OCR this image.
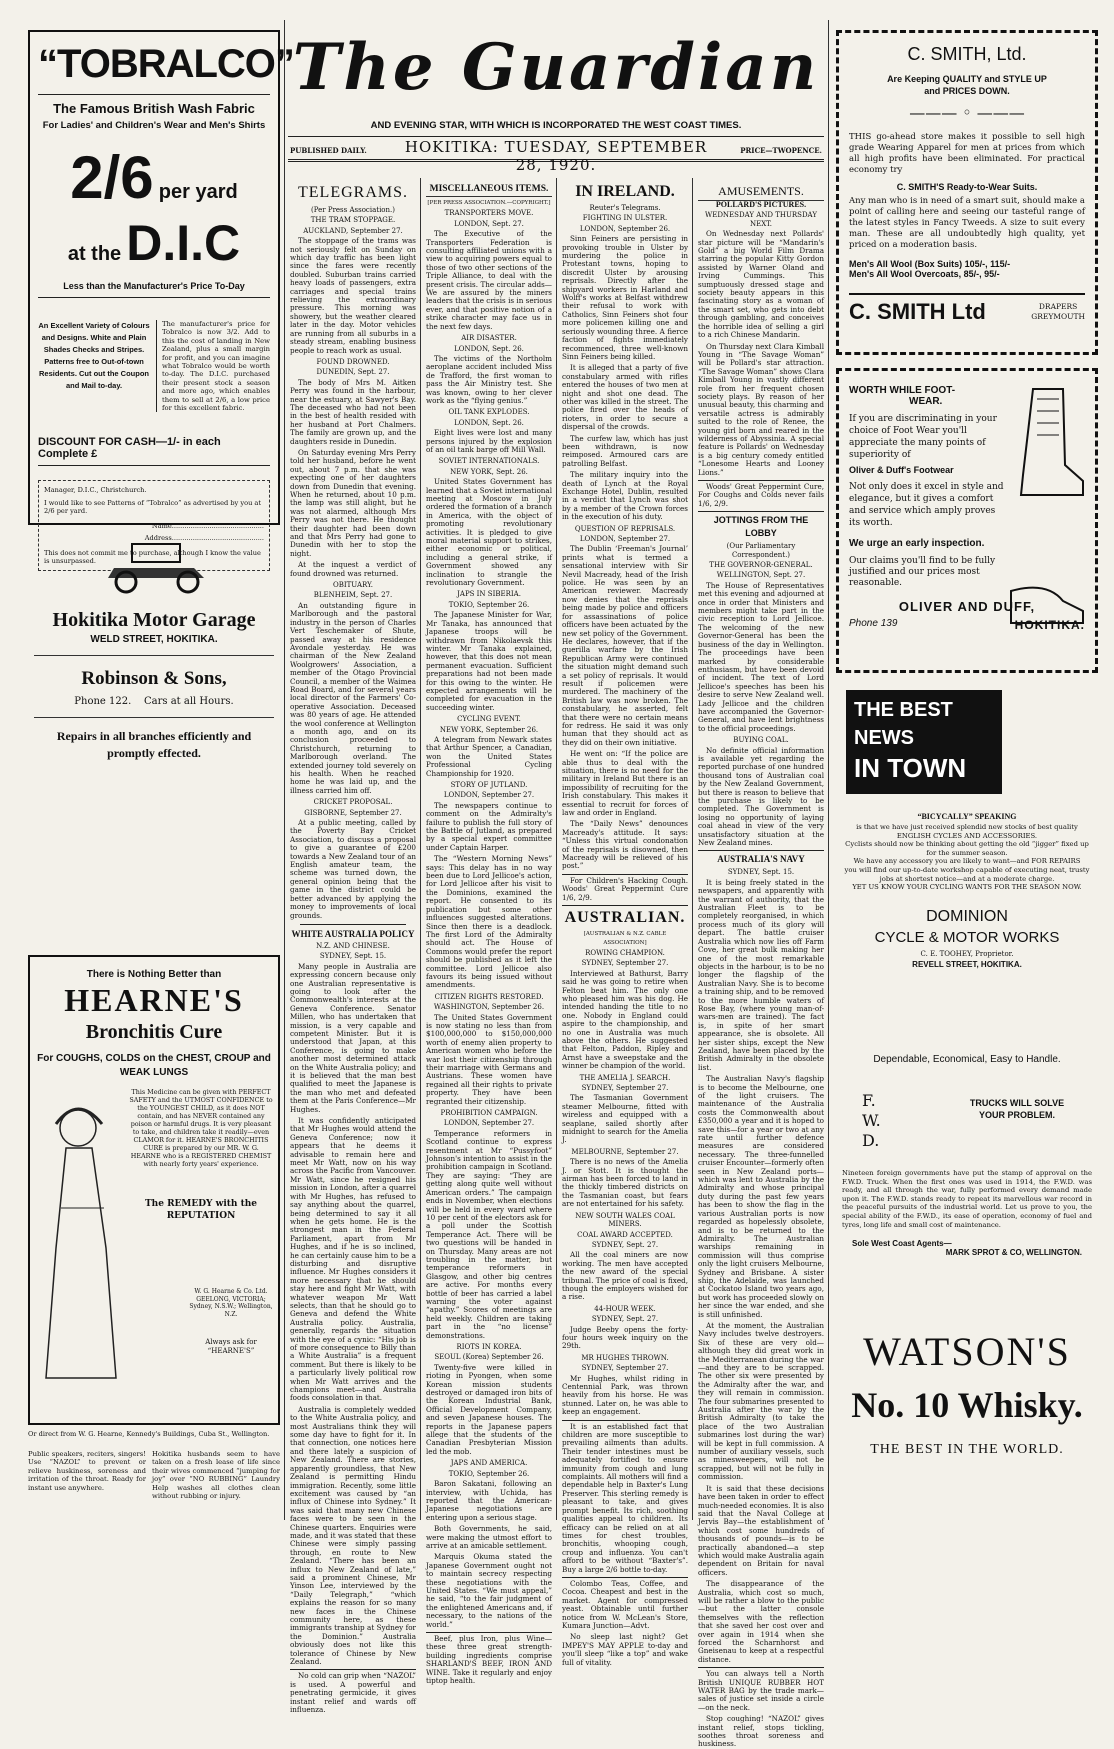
The Guardian
AND EVENING STAR, WITH WHICH IS INCORPORATED THE WEST COAST TIMES.
PUBLISHED DAILY.	HOKITIKA: TUESDAY, SEPTEMBER 28, 1920.
PRICE—TWOPENCE.
“TOBRALCO”
The Famous British Wash Fabric
For Ladies' and Children's Wear and Men's Shirts
2/6 per yard
at the D.I.C
Less than the Manufacturer's Price To-Day
An Excellent Variety of Colours and Designs. White and Plain Shades Checks and Stripes. Patterns free to Out-of-town Residents. Cut out the Coupon and Mail to-day.
The manufacturer's price for Tobralco is now 3/2. Add to this the cost of landing in New Zealand, plus a small margin for profit, and you can imagine what Tobralco would be worth to-day. The D.I.C. purchased their present stock a season and more ago, which enables them to sell at 2/6, a low price for this excellent fabric.
DISCOUNT FOR CASH—1/- in each Complete £
Manager, D.I.C., Christchurch.
I would like to see Patterns of “Tobralco” as advertised by you at 2/6 per yard.
Name............................................
Address............................................
This does not commit me to purchase, although I know the value is unsurpassed.
Hokitika Motor Garage
WELD STREET, HOKITIKA.
Robinson & Sons,
Phone 122. Cars at all Hours.
Repairs in all branches efficiently and promptly effected.
There is Nothing Better than
HEARNE'S
Bronchitis Cure
For COUGHS, COLDS on the CHEST, CROUP and WEAK LUNGS
This Medicine can be given with PERFECT SAFETY and the UTMOST CONFIDENCE to the YOUNGEST CHILD, as it does NOT contain, and has NEVER contained any poison or harmful drugs. It is very pleasant to take, and children take it readily—even CLAMOR for it. HEARNE'S BRONCHITIS CURE is prepared by our MR. W. G. HEARNE who is a REGISTERED CHEMIST with nearly forty years' experience.
The REMEDY with the REPUTATION
W. G. Hearne & Co. Ltd. GEELONG, VICTORIA; Sydney, N.S.W.; Wellington, N.Z.
Always ask for “HEARNE'S”
Or direct from W. G. Hearne, Kennedy's Buildings, Cuba St., Wellington.
Public speakers, reciters, singers! Use “NAZOL” to prevent or relieve huskiness, soreness and irritation of the throat. Ready for instant use anywhere.
Hokitika husbands seem to have taken on a fresh lease of life since their wives commenced “jumping for joy” over “NO RUBBING” Laundry Help washes all clothes clean without rubbing or injury.
TELEGRAMS.
(Per Press Association.)
THE TRAM STOPPAGE.
AUCKLAND, September 27.

The stoppage of the trams was not seriously felt on Sunday on which day traffic has been light since the fares were recently doubled. Suburban trains carried heavy loads of passengers, extra carriages and special trains relieving the extraordinary pressure. This morning was showery, but the weather cleared later in the day. Motor vehicles are running from all suburbs in a steady stream, enabling business people to reach work as usual.

FOUND DROWNED.
DUNEDIN, Sept. 27.

The body of Mrs M. Aitken Perry was found in the harbour, near the estuary, at Sawyer's Bay. The deceased who had not been in the best of health resided with her husband at Port Chalmers. The family are grown up, and the daughters reside in Dunedin.

On Saturday evening Mrs Perry told her husband, before he went out, about 7 p.m. that she was expecting one of her daughters down from Dunedin that evening. When he returned, about 10 p.m. the lamp was still alight, but he was not alarmed, although Mrs Perry was not there. He thought their daughter had been down and that Mrs Perry had gone to Dunedin with her to stop the night.

At the inquest a verdict of found drowned was returned.

OBITUARY.
BLENHEIM, Sept. 27.

An outstanding figure in Marlborough and the pastoral industry in the person of Charles Vert Teschemaker of Shute, passed away at his residence Avondale yesterday. He was chairman of the New Zealand Woolgrowers' Association, a member of the Otago Provincial Council, a member of the Waimea Road Board, and for several years local director of the Farmers' Co-operative Association. Deceased was 80 years of age. He attended the wool conference at Wellington a month ago, and on its conclusion proceeded to Christchurch, returning to Marlborough overland. The extended journey told severely on his health. When he reached home he was laid up, and the illness carried him off.

CRICKET PROPOSAL.
GISBORNE, September 27.

At a public meeting, called by the Poverty Bay Cricket Association, to discuss a proposal to give a guarantee of £200 towards a New Zealand tour of an English amateur team, the scheme was turned down, the general opinion being that the game in the district could be better advanced by applying the money to improvements of local grounds.

WHITE AUSTRALIA POLICY
N.Z. AND CHINESE.
SYDNEY, Sept. 15.

Many people in Australia are expressing concern because only one Australian representative is going to look after the Commonwealth's interests at the Geneva Conference. Senator Millen, who has undertaken that mission, is a very capable and competent Minister. But it is understood that Japan, at this Conference, is going to make another most determined attack on the White Australia policy; and it is believed that the man best qualified to meet the Japanese is the man who met and defeated them at the Paris Conference—Mr Hughes.

It was confidently anticipated that Mr Hughes would attend the Geneva Conference; now it appears that he deems it advisable to remain here and meet Mr Watt, now on his way across the Pacific from Vancouver. Mr Watt, since he resigned his mission in London, after a quarrel with Mr Hughes, has refused to say anything about the quarrel, being determined to say it all when he gets home. He is the strongest man in the Federal Parliament, apart from Mr Hughes, and if he is so inclined, he can certainly cause him to be a disturbing and disruptive influence. Mr Hughes considers it more necessary that he should stay here and fight Mr Watt, with whatever weapon Mr Watt selects, than that he should go to Geneva and defend the White Australia policy. Australia, generally, regards the situation with the eye of a cynic: “His job is of more consequence to Billy than a White Australia” is a frequent comment. But there is likely to be a particularly lively political row when Mr Watt arrives and the champions meet—and Australia foods consolation in that.

Australia is completely wedded to the White Australia policy, and most Australians think they will some day have to fight for it. In that connection, one notices here and there lately a suspicion of New Zealand. There are stories, apparently groundless, that New Zealand is permitting Hindu immigration. Recently, some little excitement was caused by “an influx of Chinese into Sydney.” It was said that many new Chinese faces were to be seen in the Chinese quarters. Enquiries were made, and it was stated that these Chinese were simply passing through, en route to New Zealand. “There has been an influx to New Zealand of late,” said a prominent Chinese, Mr Yinson Lee, interviewed by the “Daily Telegraph,” “which explains the reason for so many new faces in the Chinese community here, as these immigrants tranship at Sydney for the Dominion.” Australia obviously does not like this tolerance of Chinese by New Zealand.

No cold can grip when “NAZOL” is used. A powerful and penetrating germicide, it gives instant relief and wards off influenza.

MISCELLANEOUS ITEMS.
[PER PRESS ASSOCIATION.—COPYRIGHT.]
TRANSPORTERS MOVE.
LONDON, Sept. 27.

The Executive of the Transporters Federation is consulting affiliated unions with a view to acquiring powers equal to those of two other sections of the Triple Alliance, to deal with the present crisis. The circular adds—We are assured by the miners leaders that the crisis is in serious ever, and that positive notion of a strike character may face us in the next few days.

AIR DISASTER.
LONDON, Sept. 26.

The victims of the Northolm aeroplane accident included Miss de Trafford, the first woman to pass the Air Ministry test. She was known, owing to her clever work as the “flying genius.”

OIL TANK EXPLODES.
LONDON, Sept. 26.

Eight lives were lost and many persons injured by the explosion of an oil tank barge off Mill Wall.

SOVIET INTERNATIONALS.
NEW YORK, Sept. 26.

United States Government has learned that a Soviet international meeting at Moscow in July ordered the formation of a branch in America, with the object of promoting revolutionary activities. It is pledged to give moral material support to strikes, either economic or political, including a general strike, if Government showed any inclination to strangle the revolutionary Government.

JAPS IN SIBERIA.
TOKIO, September 26.

The Japanese Minister for War, Mr Tanaka, has announced that Japanese troops will be withdrawn from Nikolaevsk this winter. Mr Tanaka explained, however, that this does not mean permanent evacuation. Sufficient preparations had not been made for this owing to the winter. He expected arrangements will be completed for evacuation in the succeeding winter.

CYCLING EVENT.
NEW YORK, September 26.

A telegram from Newark states that Arthur Spencer, a Canadian, won the United States Professional Cycling Championship for 1920.

STORY OF JUTLAND.
LONDON, September 27.

The newspapers continue to comment on the Admiralty's failure to publish the full story of the Battle of Jutland, as prepared by a special expert committee under Captain Harper.

The “Western Morning News” says: This delay has in no way been due to Lord Jellicoe's action, for Lord Jellicoe after his visit to the Dominions, examined the report. He consented to its publication but some other influences suggested alterations. Since then there is a deadlock. The first Lord of the Admiralty should act. The House of Commons would prefer the report should be published as it left the committee. Lord Jellicoe also favours its being issued without amendments.

CITIZEN RIGHTS RESTORED.
WASHINGTON, September 26.

The United States Government is now stating no less than from $100,000,000 to $150,000,000 worth of enemy alien property to American women who before the war lost their citizenship through their marriage with Germans and Austrians. These women have regained all their rights to private property. They have been regranted their citizenship.

PROHIBITION CAMPAIGN.
LONDON, September 27.

Temperance reformers in Scotland continue to express resentment at Mr “Pussyfoot” Johnson's intention to assist in the prohibition campaign in Scotland. They are saying: “They are getting along quite well without American orders.” The campaign ends in November, when elections will be held in every ward where 10 per cent of the electors ask for a poll under the Scottish Temperance Act. There will be two questions will be handed in on Thursday. Many areas are not troubling in the matter, but temperance reformers in Glasgow, and other big centres are active. For months every bottle of beer has carried a label warning the voter against “apathy.” Scores of meetings are held weekly. Children are taking part in the “no license” demonstrations.

RIOTS IN KOREA.
SEOUL (Korea) September 26.

Twenty-five were killed in rioting in Pyongen, when some Korean mission students destroyed or damaged iron bits of the Korean Industrial Bank, Official Development Company, and seven Japanese houses. The reports in the Japanese papers allege that the students of the Canadian Presbyterian Mission led the mob.

JAPS AND AMERICA.
TOKIO, September 26.

Baron Sakatani, following an interview, with Uchida, has reported that the American-Japanese negotiations are entering upon a serious stage.

Both Governments, he said, were making the utmost effort to arrive at an amicable settlement.

Marquis Okuma stated the Japanese Government ought not to maintain secrecy respecting these negotiations with the United States. “We must appeal,” he said, “to the fair judgment of the enlightened Americans and, if necessary, to the nations of the world.”

Beef, plus Iron, plus Wine—these three great strength-building ingredients comprise SHARLAND'S BEEF, IRON AND WINE. Take it regularly and enjoy tiptop health.

IN IRELAND.
Reuter's Telegrams.
FIGHTING IN ULSTER.
LONDON, September 26.

Sinn Feiners are persisting in provoking trouble in Ulster by murdering the police in Protestant towns, hoping to discredit Ulster by arousing reprisals. Directly after the shipyard workers in Harland and Wolff's works at Belfast withdrew their refusal to work with Catholics, Sinn Feiners shot four more policemen killing one and seriously wounding three. A fierce faction of fights immediately recommenced, three well-known Sinn Feiners being killed.

It is alleged that a party of five constabulary armed with rifles entered the houses of two men at night and shot one dead. The other was killed in the street. The police fired over the heads of rioters, in order to secure a dispersal of the crowds.

The curfew law, which has just been withdrawn, is now reimposed. Armoured cars are patrolling Belfast.

The military inquiry into the death of Lynch at the Royal Exchange Hotel, Dublin, resulted in a verdict that Lynch was shot by a member of the Crown forces in the execution of his duty.

QUESTION OF REPRISALS.
LONDON, September 27.

The Dublin ‘Freeman's Journal’ prints what is termed a sensational interview with Sir Nevil Macready, head of the Irish police. He was seen by an American reviewer. Macready now denies that the reprisals being made by police and officers for assassinations of police officers have been actuated by the new set policy of the Government. He declares, however, that if the guerilla warfare by the Irish Republican Army were continued the situation might demand such a set policy of reprisals. It would result if policemen were murdered. The machinery of the British law was now broken. The constabulary, he asserted, felt that there were no certain means for redress. He said it was only human that they should act as they did on their own initiative.

He went on: “If the police are able thus to deal with the situation, there is no need for the military in Ireland But there is an impossibility of recruiting for the Irish constabulary. This makes it essential to recruit for forces of law and order in England.

The “Daily News” denounces Macready's attitude. It says: “Unless this virtual condonation of the reprisals is disowned, then Macready will be relieved of his post.”

For Children's Hacking Cough. Woods' Great Peppermint Cure 1/6, 2/9.

AUSTRALIAN.
[AUSTRALIAN & N.Z. CABLE ASSOCIATION]
ROWING CHAMPION.
SYDNEY, September 27.

Interviewed at Bathurst, Barry said he was going to retire when Felton beat him. The only one who pleased him was his dog. He intended handing the title to no one. Nobody in England could aspire to the championship, and no one in Australia was much above the others. He suggested that Felton, Paddon, Ripley and Arnst have a sweepstake and the winner be champion of the world.

THE AMELIA J. SEARCH.
SYDNEY, September 27.

The Tasmanian Government steamer Melbourne, fitted with wireless and equipped with a seaplane, sailed shortly after midnight to search for the Amelia J.

MELBOURNE, September 27.

There is no news of the Amelia J. or Stott. It is thought the airman has been forced to land in the thickly timbered districts on the Tasmanian coast, but fears are not entertained for his safety.

NEW SOUTH WALES COAL MINERS.
COAL AWARD ACCEPTED.
SYDNEY, Sept. 27.

All the coal miners are now working. The men have accepted the new award of the special tribunal. The price of coal is fixed, though the employers wished for a rise.

44-HOUR WEEK.
SYDNEY, Sept. 27.

Judge Beeby opens the forty-four hours week inquiry on the 29th.

MR HUGHES THROWN.
SYDNEY, September 27.

Mr Hughes, whilst riding in Centennial Park, was thrown heavily from his horse. He was stunned. Later on, he was able to keep an engagement.

It is an established fact that children are more susceptible to prevailing ailments than adults. Their tender intestines must be adequately fortified to ensure immunity from cough and lung complaints. All mothers will find a dependable help in Baxter's Lung Preserver. This sterling remedy is pleasant to take, and gives prompt benefit. Its rich, soothing qualities appeal to children. Its efficacy can be relied on at all times for chest troubles, bronchitis, whooping cough, croup and influenza. You can't afford to be without “Baxter's”. Buy a large 2/6 bottle to-day.

Colombo Teas, Coffee, and Cocoa. Cheapest and best in the market. Agent for compressed yeast. Obtainable until further notice from W. McLean's Store, Kumara Junction—Advt.

No sleep last night? Get IMPEY'S MAY APPLE to-day and you'll sleep “like a top” and wake full of vitality.

AMUSEMENTS.
POLLARD'S PICTURES.
WEDNESDAY AND THURSDAY NEXT.

On Wednesday next Pollards' star picture will be “Mandarin's Gold” a big World Film Drama starring the popular Kitty Gordon assisted by Warner Oland and Irving Cummings. This sumptuously dressed stage and society beauty appears in this fascinating story as a woman of the smart set, who gets into debt through gambling, and conceives the horrible idea of selling a girl to a rich Chinese Mandarin.

On Thursday next Clara Kimball Young in “The Savage Woman” will be Pollard's star attraction. “The Savage Woman” shows Clara Kimball Young in vastly different role from her frequent chosen society plays. By reason of her unusual beauty, this charming and versatile actress is admirably suited to the role of Renee, the young girl born and reared in the wilderness of Abyssinia. A special feature is Pollards' on Wednesday is a big century comedy entitled “Lonesome Hearts and Looney Lions.”

Woods' Great Peppermint Cure, For Coughs and Colds never fails 1/6, 2/9.

JOTTINGS FROM THE LOBBY
(Our Parliamentary Correspondent.)
THE GOVERNOR-GENERAL.
WELLINGTON, Sept. 27.

The House of Representatives met this evening and adjourned at once in order that Ministers and members might take part in the civic reception to Lord Jellicoe. The welcoming of the new Governor-General has been the business of the day in Wellington. The proceedings have been marked by considerable enthusiasm, but have been devoid of incident. The text of Lord Jellicoe's speeches has been his desire to serve New Zealand well. Lady Jellicoe and the children have accompanied the Governor-General, and have lent brightness to the official proceedings.

BUYING COAL.

No definite official information is available yet regarding the reported purchase of one hundred thousand tons of Australian coal by the New Zealand Government, but there is reason to believe that the purchase is likely to be completed. The Government is losing no opportunity of laying coal ahead in view of the very unsatisfactory situation at the New Zealand mines.

AUSTRALIA'S NAVY
SYDNEY, Sept. 15.

It is being freely stated in the newspapers, and apparently with the warrant of authority, that the Australian Fleet is to be completely reorganised, in which process much of its glory will depart. The battle cruiser Australia which now lies off Farm Cove, her great bulk making her one of the most remarkable objects in the harbour, is to be no longer the flagship of the Australian Navy. She is to become a training ship, and to be removed to the more humble waters of Rose Bay, (where young man-of-wars-men are trained). The fact is, in spite of her smart appearance, she is obsolete. All her sister ships, except the New Zealand, have been placed by the British Admiralty in the obsolete list.

The Australian Navy's flagship is to become the Melbourne, one of the light cruisers. The maintenance of the Australia costs the Commonwealth about £350,000 a year and it is hoped to save this—for a year or two at any rate until further defence measures are considered necessary. The three-funnelled cruiser Encounter—formerly often seen in New Zealand ports—which was lent to Australia by the Admiralty and whose principal duty during the past few years has been to show the flag in the various Australian ports is now regarded as hopelessly obsolete, and is to be returned to the Admiralty. The Australian warships remaining in commission will thus comprise only the light cruisers Melbourne, Sydney and Brisbane. A sister ship, the Adelaide, was launched at Cockatoo Island two years ago, but work has proceeded slowly on her since the war ended, and she is still unfinished.

At the moment, the Australian Navy includes twelve destroyers. Six of these are very old—although they did great work in the Mediterranean during the war—and they are to be scrapped. The other six were presented by the Admiralty after the war, and they will remain in commission. The four submarines presented to Australia after the war by the British Admiralty (to take the place of the two Australian submarines lost during the war) will be kept in full commission. A number of auxiliary vessels, such as minesweepers, will not be scrapped, but will not be fully in commission.

It is said that these decisions have been taken in order to effect much-needed economies. It is also said that the Naval College at Jervis Bay—the establishment of which cost some hundreds of thousands of pounds—is to be practically abandoned—a step which would make Australia again dependent on Britain for naval officers.

The disappearance of the Australia, which cost so much, will be rather a blow to the public—but the latter console themselves with the reflection that she saved her cost over and over again in 1914 when she forced the Scharnhorst and Gneisenau to keep at a respectful distance.

You can always tell a North British UNIQUE RUBBER HOT WATER BAG by the trade mark—sales of justice set inside a circle—on the neck.

Stop coughing! “NAZOL” gives instant relief, stops tickling, soothes throat soreness and huskiness.

C. SMITH, Ltd.
Are Keeping QUALITY and STYLE UP
and PRICES DOWN.
——— ◦ ———
THIS go-ahead store makes it possible to sell high grade Wearing Apparel for men at prices from which all high profits have been eliminated. For practical economy try
C. SMITH'S Ready-to-Wear Suits.
Any man who is in need of a smart suit, should make a point of calling here and seeing our tasteful range of the latest styles in Fancy Tweeds. A size to suit every man. These are all undoubtedly high quality, yet priced on a moderation basis.
Men's All Wool (Box Suits) 105/-, 115/-
Men's All Wool Overcoats, 85/-, 95/-
C. SMITH Ltd	DRAPERS
GREYMOUTH
WORTH WHILE FOOT-
WEAR.
If you are discriminating in your choice of Foot Wear you'll appreciate the many points of superiority of
Oliver & Duff's Footwear
Not only does it excel in style and elegance, but it gives a comfort and service which amply proves its worth.
We urge an early inspection.
Our claims you'll find to be fully justified and our prices most reasonable.
OLIVER AND DUFF,
Phone 139	HOKITIKA.
THE BEST NEWS
IN TOWN
“BICYCALLY” SPEAKING
is that we have just received splendid new stocks of best quality ENGLISH CYCLES AND ACCESSORIES.
Cyclists should now be thinking about getting the old “jigger” fixed up for the summer season.
We have any accessory you are likely to want—and FOR REPAIRS
you will find our up-to-date workshop capable of executing neat, trusty jobs at shortest notice—and at a moderate charge.
YET US KNOW YOUR CYCLING WANTS FOR THE SEASON NOW.
DOMINION
CYCLE & MOTOR WORKS
C. E. TOOHEY, Proprietor.
REVELL STREET, HOKITIKA.
Dependable, Economical, Easy to Handle.
F.
W.
D.
TRUCKS WILL SOLVE YOUR PROBLEM.
Nineteen foreign governments have put the stamp of approval on the F.W.D. Truck. When the first ones was used in 1914, the F.W.D. was ready, and all through the war, fully performed every demand made upon it. The F.W.D. stands ready to repeat its marvellous war record in the peaceful pursuits of the industrial world. Let us prove to you, the special ability of the F.W.D., its ease of operation, economy of fuel and tyres, long life and small cost of maintenance.
Sole West Coast Agents—
MARK SPROT & CO, WELLINGTON.
WATSON'S
No. 10 Whisky.
THE BEST IN THE WORLD.
